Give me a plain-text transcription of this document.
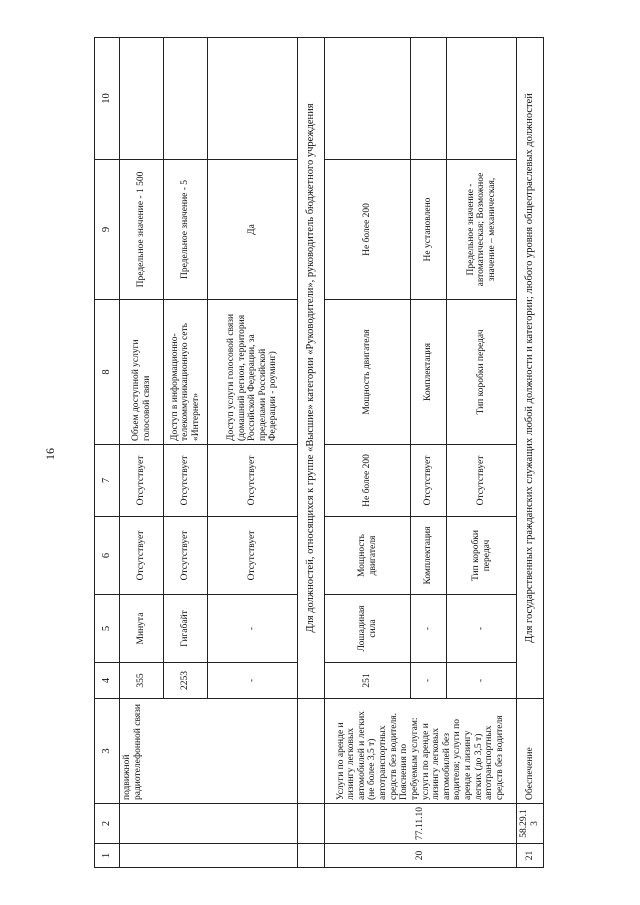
16

1	2	3	4	5	6	7	8	9	10
		подвижной радиотелефонной связи	355	Минута	Отсутствует	Отсутствует	Объем доступной услуги голосовой связи	Предельное значение - 1 500	
			2253	Гигабайт	Отсутствует	Отсутствует	Доступ в информационно-телекоммуникационную сеть «Интернет»	Предельное значение - 5	
			-	-	Отсутствует	Отсутствует	Доступ услуги голосовой связи (домашний регион, территория Российской Федерации, за пределами Российской Федерации - роуминг)	Да	
			Для должностей, относящихся к группе «Высшие» категории «Руководители», руководитель бюджетного учреждения						
20	77.11.10	Услуги по аренде и лизингу легковых автомобилей и легких (не более 3,5 т) автотранспортных средств без водителя. Пояснения по требуемым услугам: услуги по аренде и лизингу легковых автомобилей без водителя; услуги по аренде и лизингу легких (до 3,5 т) автотранспортных средств без водителя	251	Лошадиная сила	Мощность двигателя	Не более 200	Мощность двигателя	Не более 200	
			-	-	Комплектация	Отсутствует	Комплектация	Не установлено	
			-	-	Тип коробки передач	Отсутствует	Тип коробки передач	Предельное значение - автоматическая; Возможное значение – механическая,	
21	58.29.13	Обеспечение	Для государственных гражданских служащих любой должности и категории; любого уровня общеотраслевых должностей						
